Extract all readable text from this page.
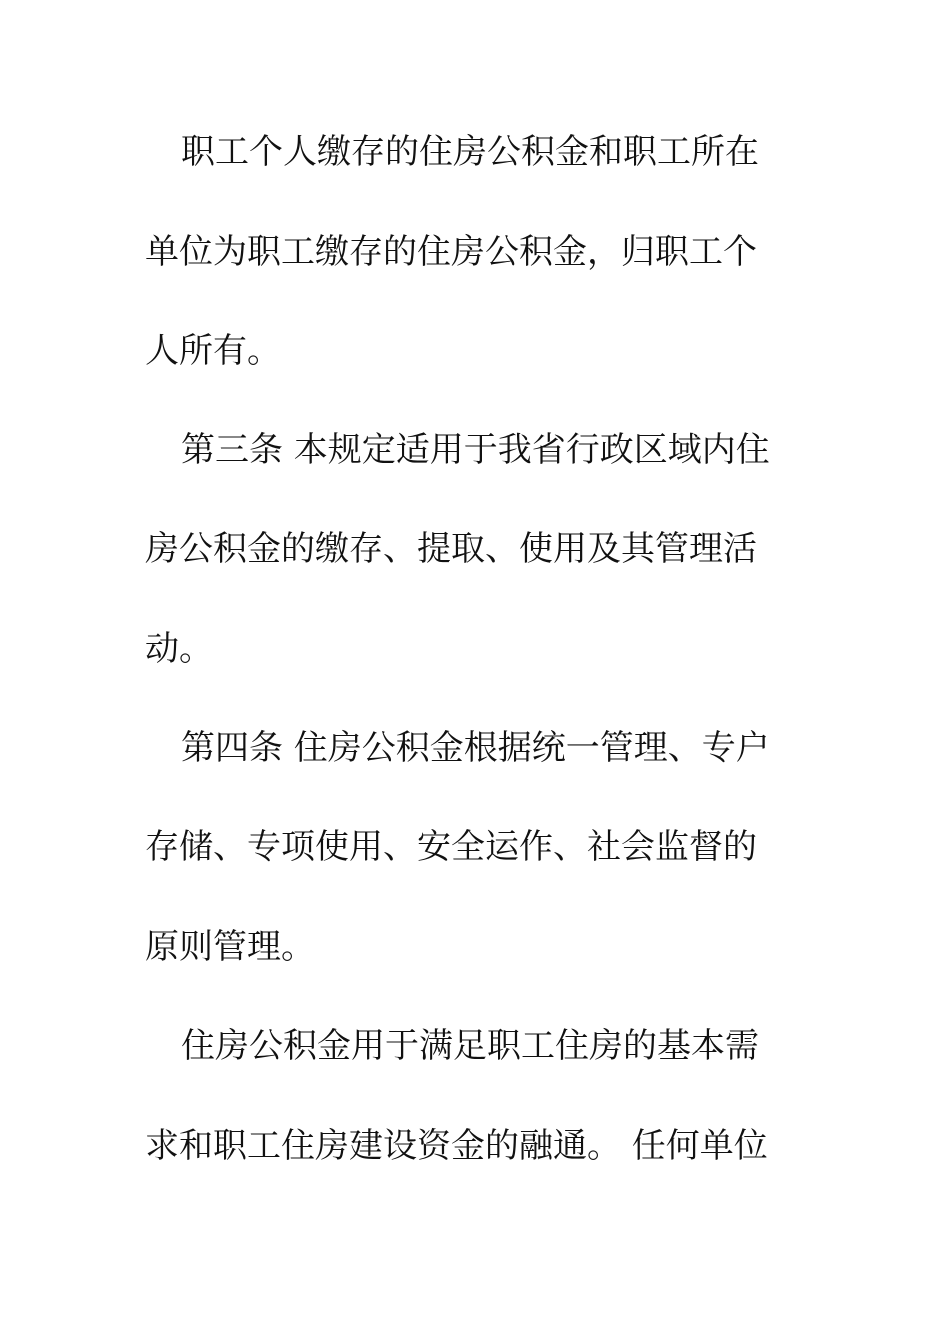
职工个人缴存的住房公积金和职工所在
单位为职工缴存的住房公积金，归职工个
人所有。
第三条 本规定适用于我省行政区域内住
房公积金的缴存、提取、使用及其管理活
动。
第四条 住房公积金根据统一管理、专户
存储、专项使用、安全运作、社会监督的
原则管理。
住房公积金用于满足职工住房的基本需
求和职工住房建设资金的融通。 任何单位
